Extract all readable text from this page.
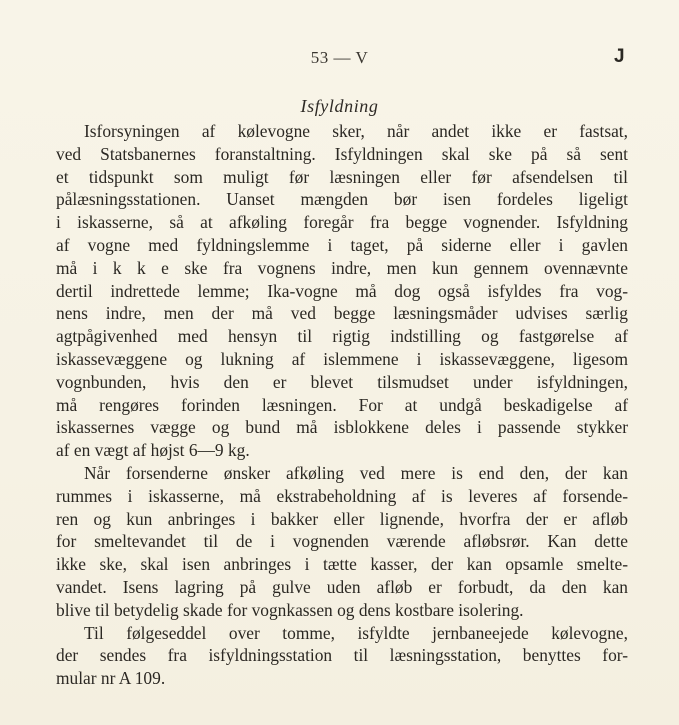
53 — V	J
Isfyldning
Isforsyningen af kølevogne sker, når andet ikke er fastsat,
ved Statsbanernes foranstaltning. Isfyldningen skal ske på så sent
et tidspunkt som muligt før læsningen eller før afsendelsen til
pålæsningsstationen. Uanset mængden bør isen fordeles ligeligt
i iskasserne, så at afkøling foregår fra begge vognender. Isfyldning
af vogne med fyldningslemme i taget, på siderne eller i gavlen
må i k k e ske fra vognens indre, men kun gennem ovennævnte
dertil indrettede lemme; Ika-vogne må dog også isfyldes fra vog-
nens indre, men der må ved begge læsningsmåder udvises særlig
agtpågivenhed med hensyn til rigtig indstilling og fastgørelse af
iskassevæggene og lukning af islemmene i iskassevæggene, ligesom
vognbunden, hvis den er blevet tilsmudset under isfyldningen,
må rengøres forinden læsningen. For at undgå beskadigelse af
iskassernes vægge og bund må isblokkene deles i passende stykker
af en vægt af højst 6—9 kg.
Når forsenderne ønsker afkøling ved mere is end den, der kan
rummes i iskasserne, må ekstrabeholdning af is leveres af forsende-
ren og kun anbringes i bakker eller lignende, hvorfra der er afløb
for smeltevandet til de i vognenden værende afløbsrør. Kan dette
ikke ske, skal isen anbringes i tætte kasser, der kan opsamle smelte-
vandet. Isens lagring på gulve uden afløb er forbudt, da den kan
blive til betydelig skade for vognkassen og dens kostbare isolering.
Til følgeseddel over tomme, isfyldte jernbaneejede kølevogne,
der sendes fra isfyldningsstation til læsningsstation, benyttes for-
mular nr A 109.
